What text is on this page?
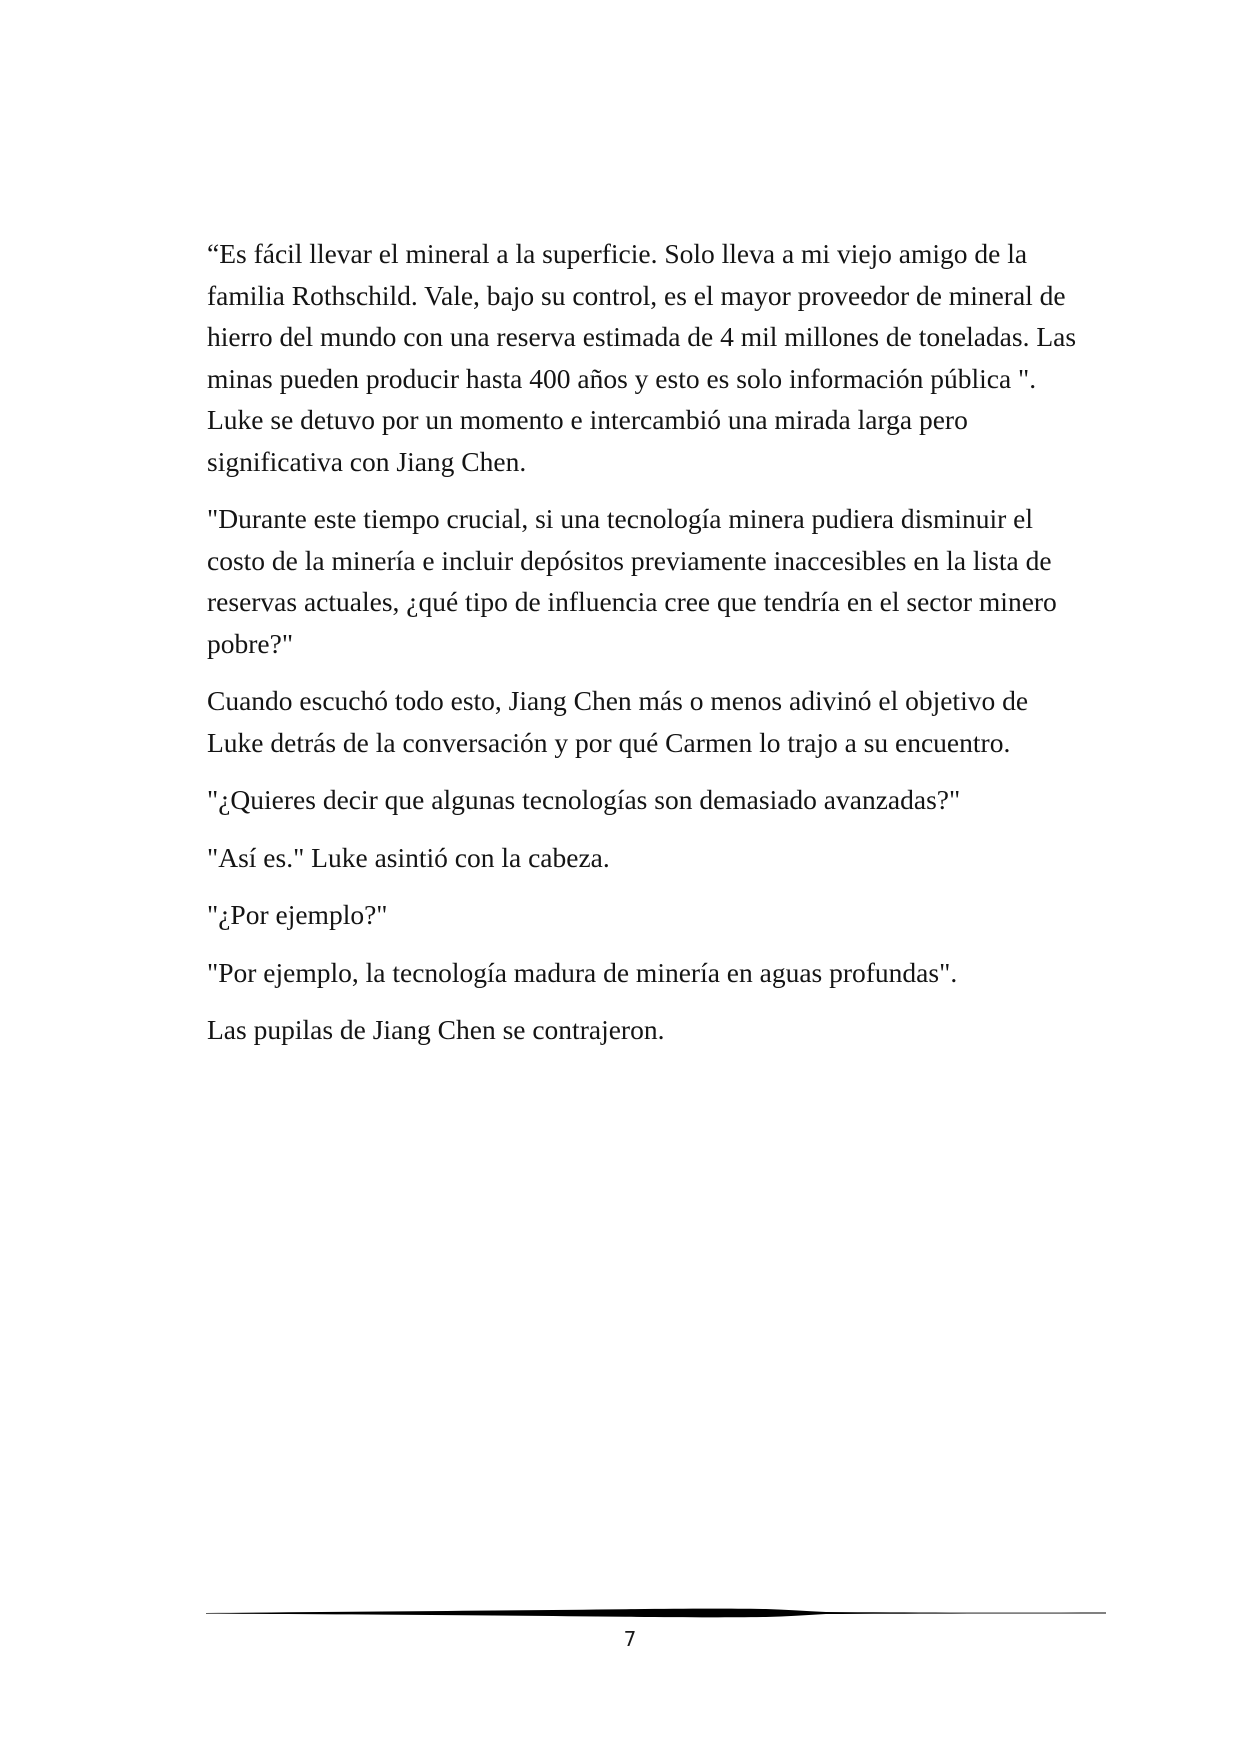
“Es fácil llevar el mineral a la superficie. Solo lleva a mi viejo amigo de la familia Rothschild. Vale, bajo su control, es el mayor proveedor de mineral de hierro del mundo con una reserva estimada de 4 mil millones de toneladas. Las minas pueden producir hasta 400 años y esto es solo información pública ". Luke se detuvo por un momento e intercambió una mirada larga pero significativa con Jiang Chen.

"Durante este tiempo crucial, si una tecnología minera pudiera disminuir el costo de la minería e incluir depósitos previamente inaccesibles en la lista de reservas actuales, ¿qué tipo de influencia cree que tendría en el sector minero pobre?"

Cuando escuchó todo esto, Jiang Chen más o menos adivinó el objetivo de Luke detrás de la conversación y por qué Carmen lo trajo a su encuentro.

"¿Quieres decir que algunas tecnologías son demasiado avanzadas?"

"Así es." Luke asintió con la cabeza.

"¿Por ejemplo?"

"Por ejemplo, la tecnología madura de minería en aguas profundas".

Las pupilas de Jiang Chen se contrajeron.

7
